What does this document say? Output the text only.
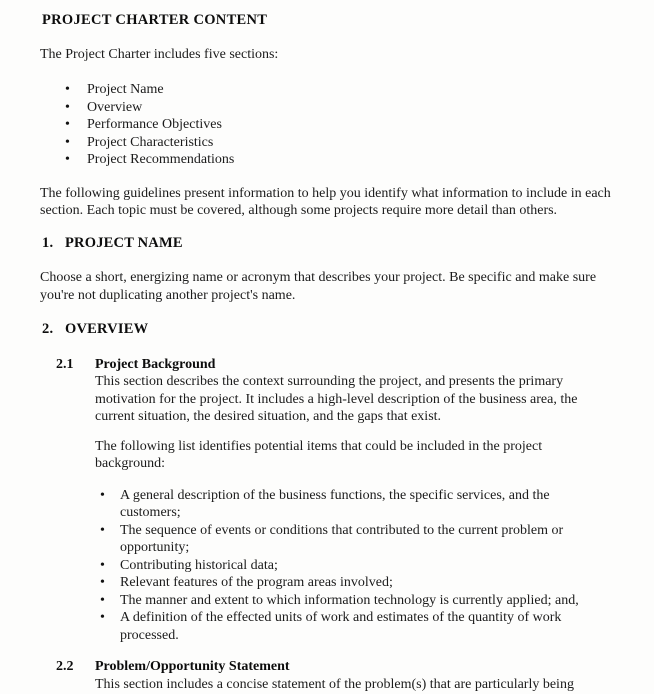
PROJECT CHARTER CONTENT

The Project Charter includes five sections:

•	Project Name
•	Overview
•	Performance Objectives
•	Project Characteristics
•	Project Recommendations

The following guidelines present information to help you identify what information to include in each section. Each topic must be covered, although some projects require more detail than others.

1. PROJECT NAME

Choose a short, energizing name or acronym that describes your project. Be specific and make sure you're not duplicating another project's name.

2. OVERVIEW
2.1	Project Background

This section describes the context surrounding the project, and presents the primary motivation for the project. It includes a high-level description of the business area, the current situation, the desired situation, and the gaps that exist.

The following list identifies potential items that could be included in the project background:

•	A general description of the business functions, the specific services, and the customers;
•	The sequence of events or conditions that contributed to the current problem or opportunity;
•	Contributing historical data;
•	Relevant features of the program areas involved;
•	The manner and extent to which information technology is currently applied; and,
•	A definition of the effected units of work and estimates of the quantity of work processed.
2.2	Problem/Opportunity Statement

This section includes a concise statement of the problem(s) that are particularly being
